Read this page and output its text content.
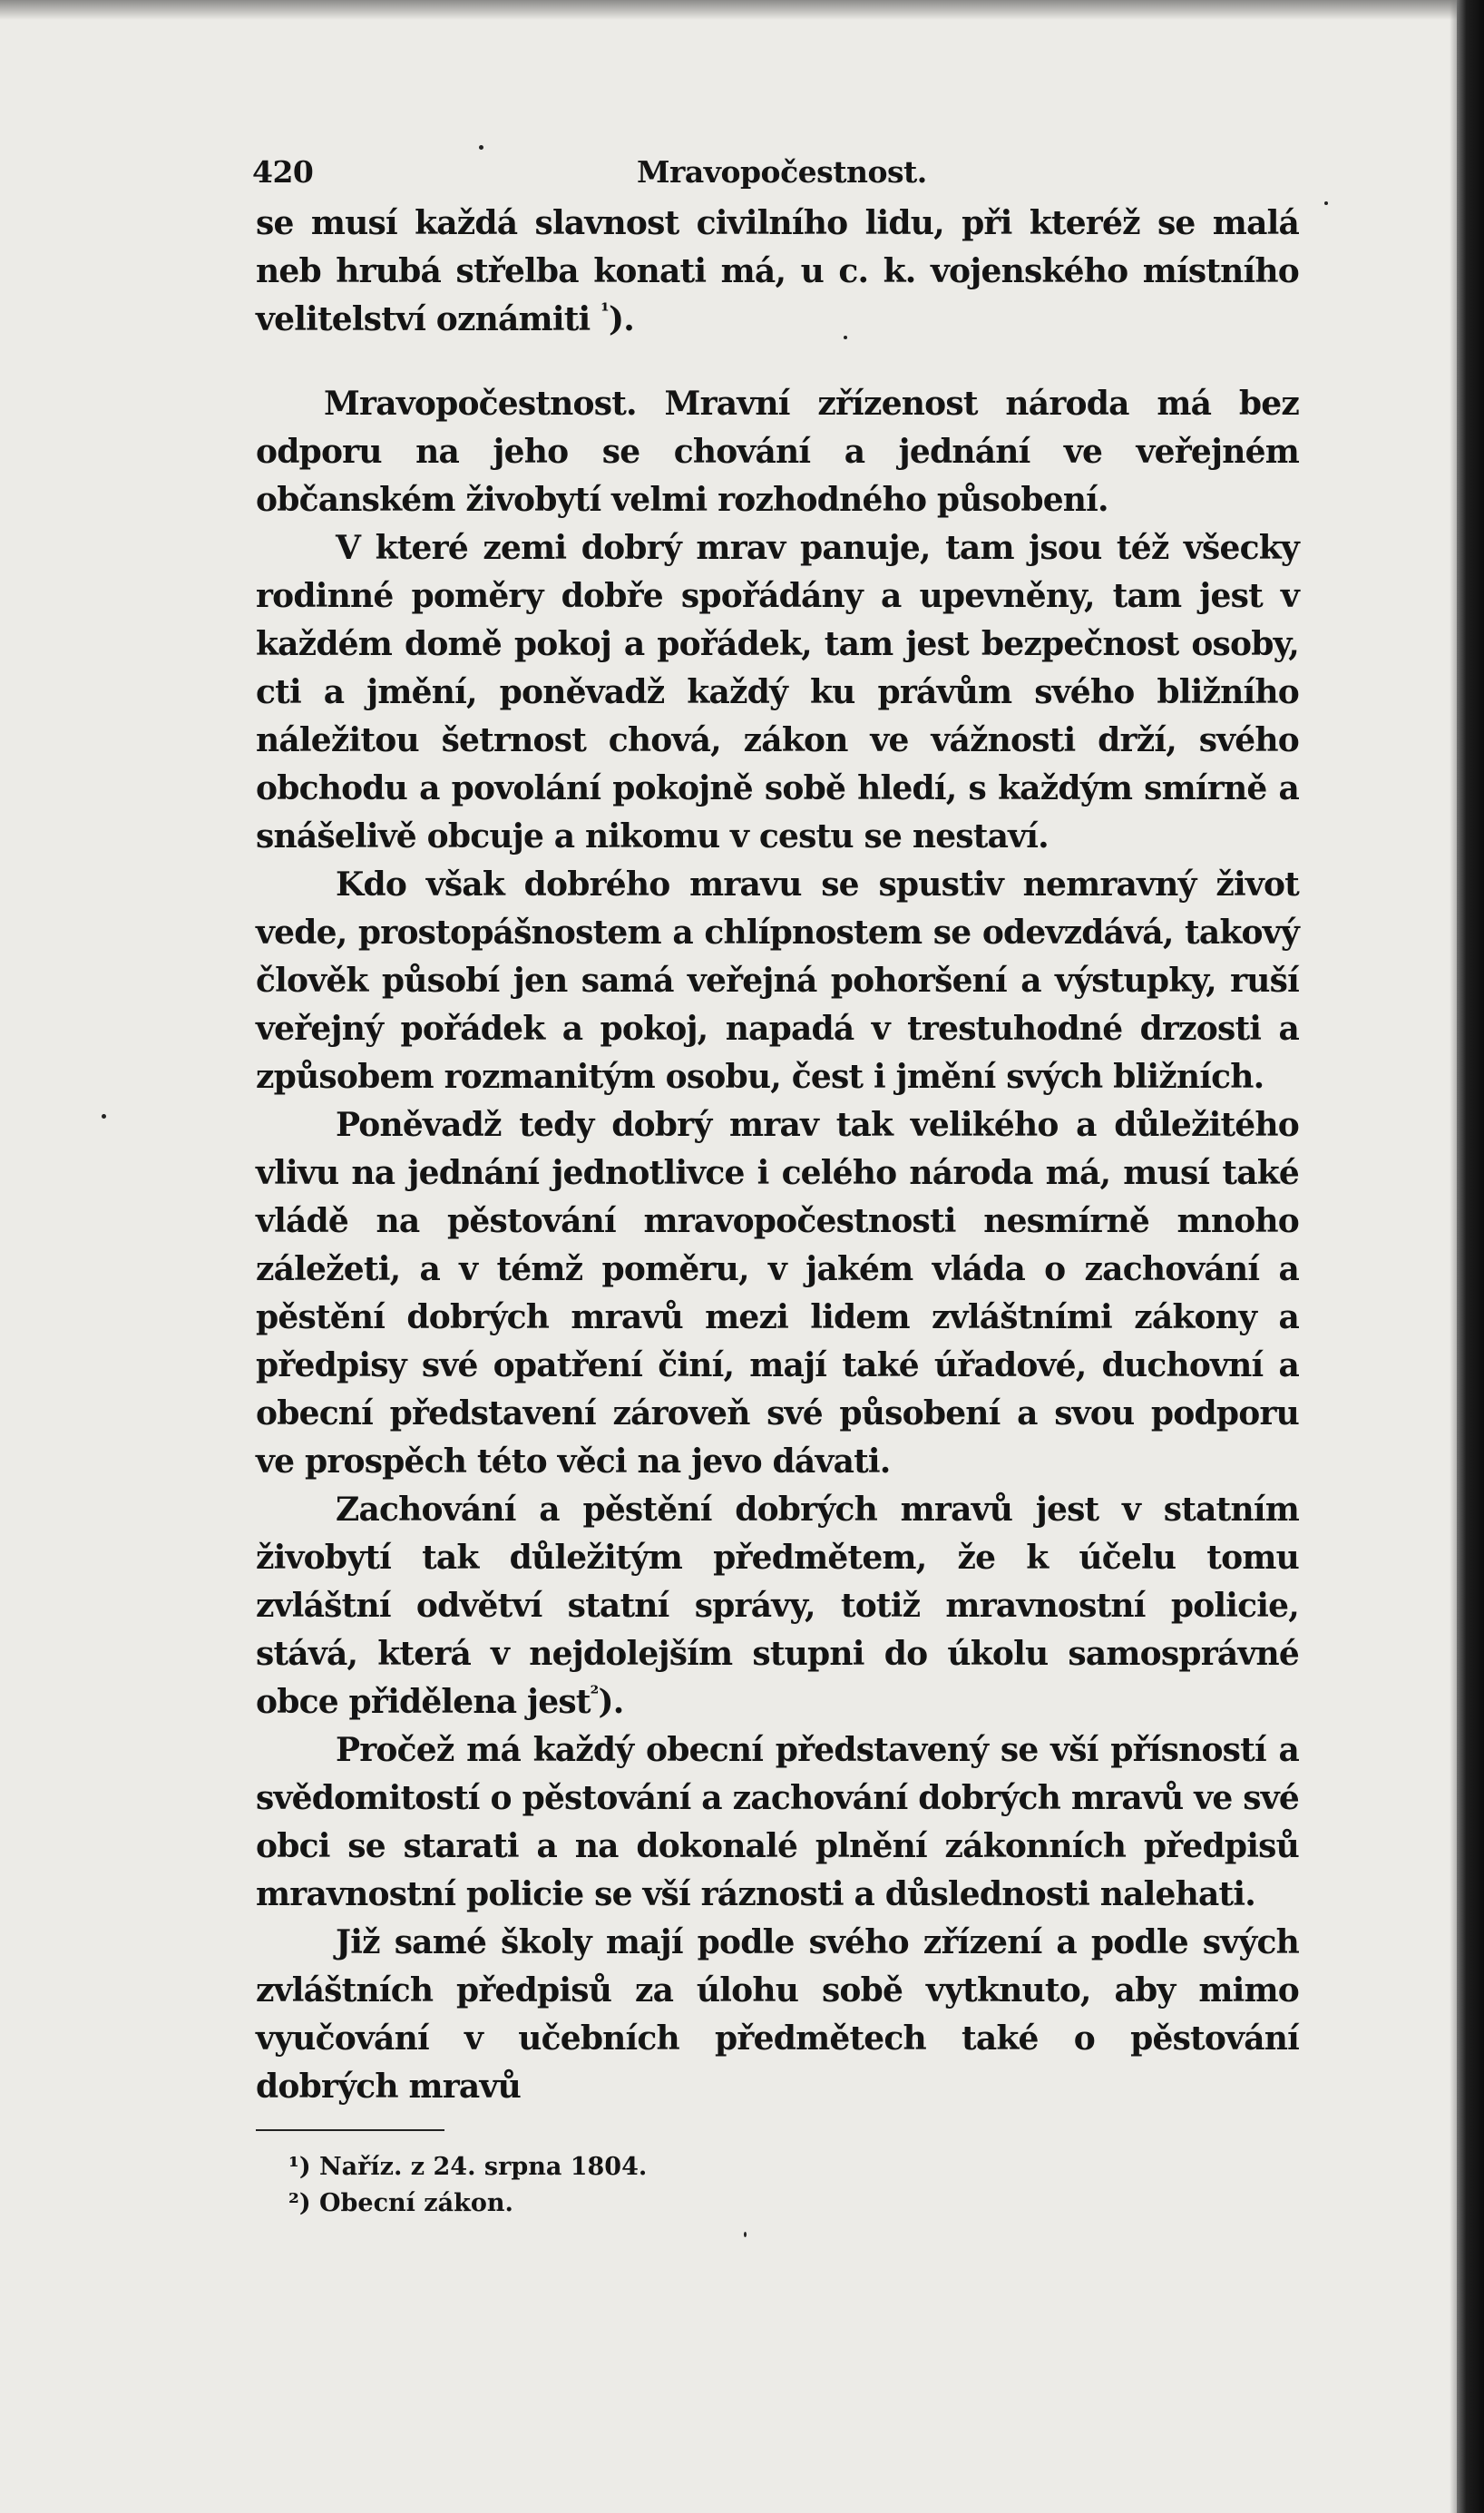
420	Mravopočestnost.

se musí každá slavnost civilního lidu, při kteréž se malá neb hrubá střelba konati má, u c. k. vojenského místního velitelství oznámiti $^{^1}$).

Mravopočestnost. Mravní zřízenost národa má bez odporu na jeho se chování a jednání ve veřejném občanském živobytí velmi rozhodného působení.

V které zemi dobrý mrav panuje, tam jsou též všecky rodinné poměry dobře spořádány a upevněny, tam jest v každém domě pokoj a pořádek, tam jest bezpečnost osoby, cti a jmění, poněvadž každý ku právům svého bližního náležitou šetrnost chová, zákon ve vážnosti drží, svého obchodu a povolání pokojně sobě hledí, s každým smírně a snášelivě obcuje a nikomu v cestu se nestaví.

Kdo však dobrého mravu se spustiv nemravný život vede, prostopášnostem a chlípnostem se odevzdává, takový člověk působí jen samá veřejná pohoršení a výstupky, ruší veřejný pořádek a pokoj, napadá v trestuhodné drzosti a způsobem rozmanitým osobu, čest i jmění svých bližních.

Poněvadž tedy dobrý mrav tak velikého a důležitého vlivu na jednání jednotlivce i celého národa má, musí také vládě na pěstování mravopočestnosti nesmírně mnoho záležeti, a v témž poměru, v jakém vláda o zachování a pěstění dobrých mravů mezi lidem zvláštními zákony a předpisy své opatření činí, mají také úřadové, duchovní a obecní představení zároveň své působení a svou podporu ve prospěch této věci na jevo dávati.

Zachování a pěstění dobrých mravů jest v statním živobytí tak důležitým předmětem, že k účelu tomu zvláštní odvětví statní správy, totiž mravnostní policie, stává, která v nejdolejším stupni do úkolu samosprávné obce přidělena jest$^{^2}$).

Pročež má každý obecní představený se vší přísností a svědomitostí o pěstování a zachování dobrých mravů ve své obci se starati a na dokonalé plnění zákonních předpisů mravnostní policie se vší ráznosti a důslednosti nalehati.

Již samé školy mají podle svého zřízení a podle svých zvláštních předpisů za úlohu sobě vytknuto, aby mimo vyučování v učebních předmětech také o pěstování dobrých mravů

¹) Naříz. z 24. srpna 1804.
²) Obecní zákon.
